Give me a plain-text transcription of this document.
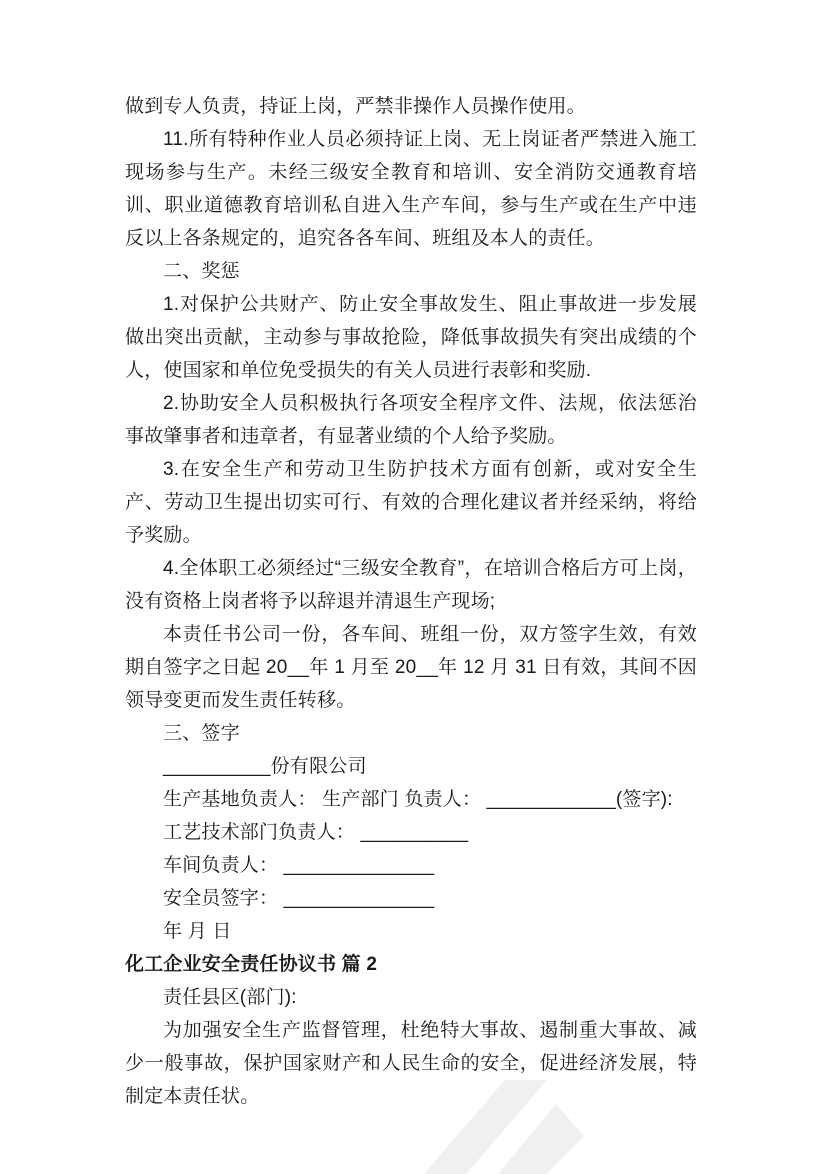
做到专人负责，持证上岗，严禁非操作人员操作使用。

11.所有特种作业人员必须持证上岗、无上岗证者严禁进入施工现场参与生产。未经三级安全教育和培训、安全消防交通教育培训、职业道德教育培训私自进入生产车间，参与生产或在生产中违反以上各条规定的，追究各各车间、班组及本人的责任。

二、奖惩

1.对保护公共财产、防止安全事故发生、阻止事故进一步发展做出突出贡献，主动参与事故抢险，降低事故损失有突出成绩的个人，使国家和单位免受损失的有关人员进行表彰和奖励.

2.协助安全人员积极执行各项安全程序文件、法规，依法惩治事故肇事者和违章者，有显著业绩的个人给予奖励。

3.在安全生产和劳动卫生防护技术方面有创新，或对安全生产、劳动卫生提出切实可行、有效的合理化建议者并经采纳，将给予奖励。

4.全体职工必须经过“三级安全教育”，在培训合格后方可上岗，没有资格上岗者将予以辞退并清退生产现场;

本责任书公司一份，各车间、班组一份，双方签字生效，有效期自签字之日起 20__年 1 月至 20__年 12 月 31 日有效，其间不因领导变更而发生责任转移。

三、签字

__________份有限公司

生产基地负责人： 生产部门 负责人： ____________(签字):

工艺技术部门负责人： __________

车间负责人： ______________

安全员签字： ______________

年 月 日

化工企业安全责任协议书 篇 2

责任县区(部门):

为加强安全生产监督管理，杜绝特大事故、遏制重大事故、减少一般事故，保护国家财产和人民生命的安全，促进经济发展，特制定本责任状。
